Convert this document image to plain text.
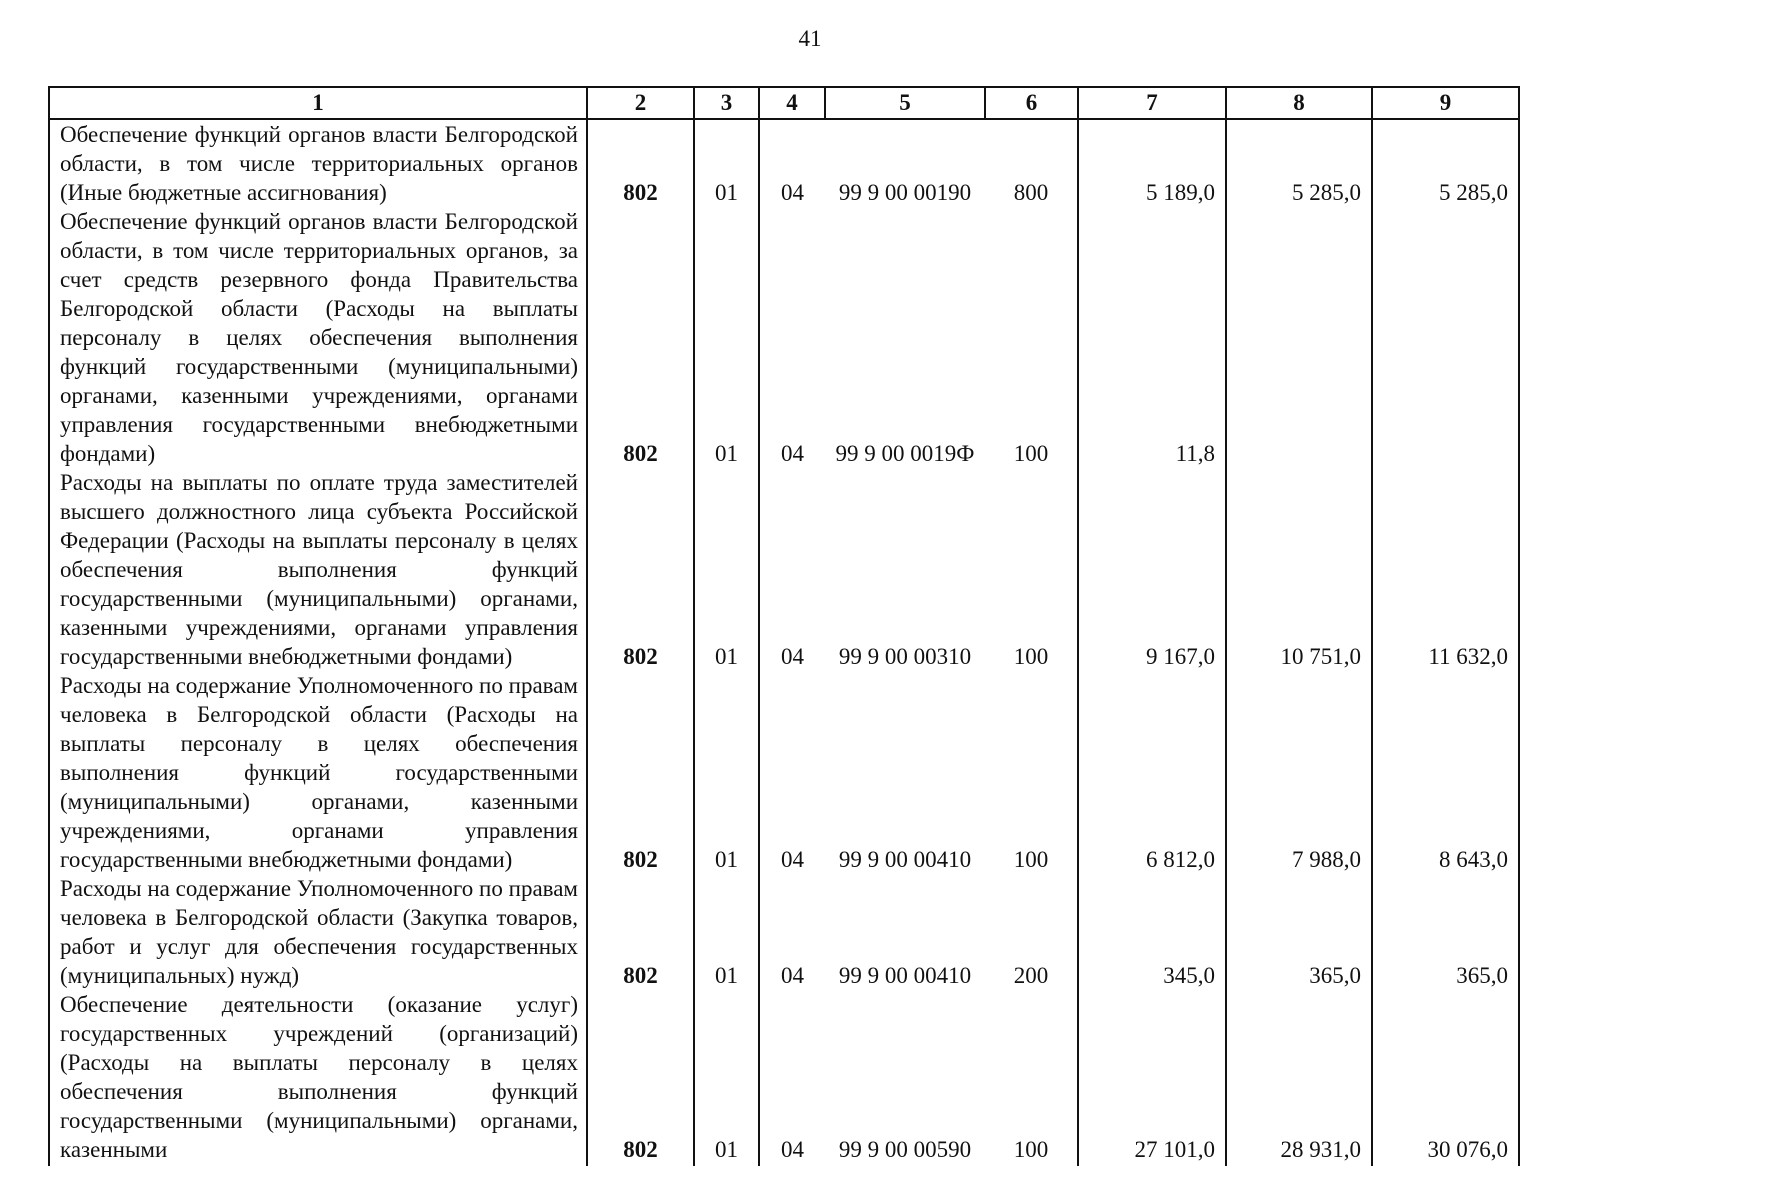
41
1	2	3	4	5	6	7	8	9
Обеспечение функций органов власти Белгородской области, в том числе территориальных органов (Иные бюджетные ассигнования)	802	01	04	99 9 00 00190	800	5 189,0	5 285,0	5 285,0
Обеспечение функций органов власти Белгородской области, в том числе территориальных органов, за счет средств резервного фонда Правительства Белгородской области (Расходы на выплаты персоналу в целях обеспечения выполнения функций государственными (муниципальными) органами, казенными учреждениями, органами управления государственными внебюджетными фондами)	802	01	04	99 9 00 0019Ф	100	11,8		
Расходы на выплаты по оплате труда заместителей высшего должностного лица субъекта Российской Федерации (Расходы на выплаты персоналу в целях обеспечения выполнения функций государственными (муниципальными) органами, казенными учреждениями, органами управления государственными внебюджетными фондами)	802	01	04	99 9 00 00310	100	9 167,0	10 751,0	11 632,0
Расходы на содержание Уполномоченного по правам человека в Белгородской области (Расходы на выплаты персоналу в целях обеспечения выполнения функций государственными (муниципальными) органами, казенными учреждениями, органами управления государственными внебюджетными фондами)	802	01	04	99 9 00 00410	100	6 812,0	7 988,0	8 643,0
Расходы на содержание Уполномоченного по правам человека в Белгородской области (Закупка товаров, работ и услуг для обеспечения государственных (муниципальных) нужд)	802	01	04	99 9 00 00410	200	345,0	365,0	365,0
Обеспечение деятельности (оказание услуг) государственных учреждений (организаций) (Расходы на выплаты персоналу в целях обеспечения выполнения функций государственными (муниципальными) органами, казенными	802	01	04	99 9 00 00590	100	27 101,0	28 931,0	30 076,0
